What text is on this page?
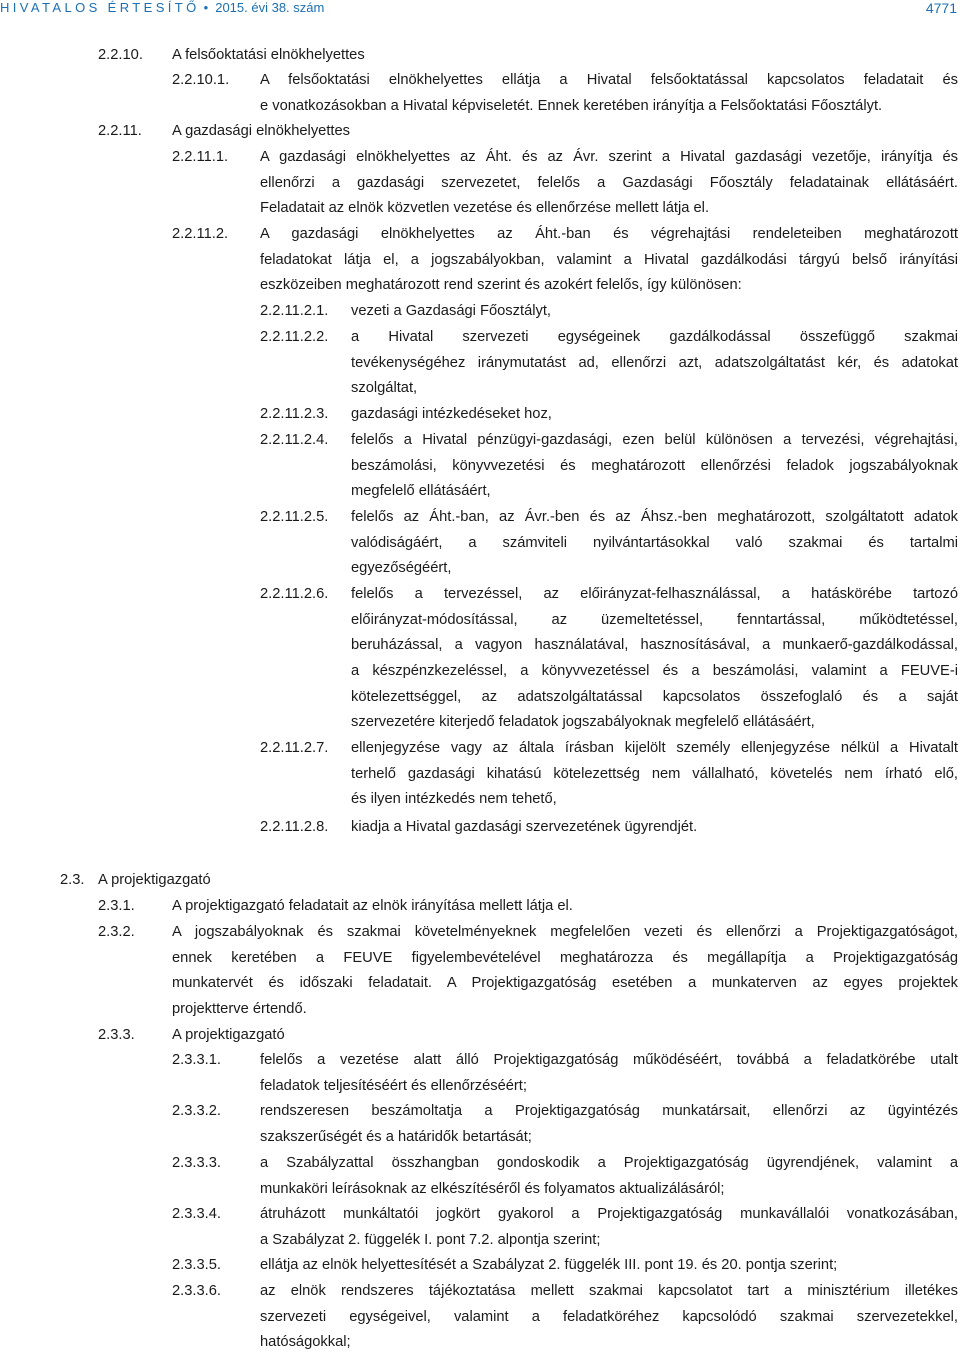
HIVATALOS ÉRTESÍTŐ • 2015. évi 38. szám	4771
2.2.10. A felsőoktatási elnökhelyettes
2.2.10.1. A felsőoktatási elnökhelyettes ellátja a Hivatal felsőoktatással kapcsolatos feladatait és
e vonatkozásokban a Hivatal képviseletét. Ennek keretében irányítja a Felsőoktatási Főosztályt.
2.2.11. A gazdasági elnökhelyettes
2.2.11.1. A gazdasági elnökhelyettes az Áht. és az Ávr. szerint a Hivatal gazdasági vezetője, irányítja és
ellenőrzi a gazdasági szervezetet, felelős a Gazdasági Főosztály feladatainak ellátásáért.
Feladatait az elnök közvetlen vezetése és ellenőrzése mellett látja el.
2.2.11.2. A gazdasági elnökhelyettes az Áht.-ban és végrehajtási rendeleteiben meghatározott
feladatokat látja el, a jogszabályokban, valamint a Hivatal gazdálkodási tárgyú belső irányítási
eszközeiben meghatározott rend szerint és azokért felelős, így különösen:
2.2.11.2.1. vezeti a Gazdasági Főosztályt,
2.2.11.2.2. a Hivatal szervezeti egységeinek gazdálkodással összefüggő szakmai
tevékenységéhez iránymutatást ad, ellenőrzi azt, adatszolgáltatást kér, és adatokat
szolgáltat,
2.2.11.2.3. gazdasági intézkedéseket hoz,
2.2.11.2.4. felelős a Hivatal pénzügyi-gazdasági, ezen belül különösen a tervezési, végrehajtási,
beszámolási, könyvvezetési és meghatározott ellenőrzési feladok jogszabályoknak
megfelelő ellátásáért,
2.2.11.2.5. felelős az Áht.-ban, az Ávr.-ben és az Áhsz.-ben meghatározott, szolgáltatott adatok
valódiságáért, a számviteli nyilvántartásokkal való szakmai és tartalmi
egyezőségéért,
2.2.11.2.6. felelős a tervezéssel, az előirányzat-felhasználással, a hatáskörébe tartozó
előirányzat-módosítással, az üzemeltetéssel, fenntartással, működtetéssel,
beruházással, a vagyon használatával, hasznosításával, a munkaerő-gazdálkodással,
a készpénzkezeléssel, a könyvvezetéssel és a beszámolási, valamint a FEUVE-i
kötelezettséggel, az adatszolgáltatással kapcsolatos összefoglaló és a saját
szervezetére kiterjedő feladatok jogszabályoknak megfelelő ellátásáért,
2.2.11.2.7. ellenjegyzése vagy az általa írásban kijelölt személy ellenjegyzése nélkül a Hivatalt
terhelő gazdasági kihatású kötelezettség nem vállalható, követelés nem írható elő,
és ilyen intézkedés nem tehető,
2.2.11.2.8. kiadja a Hivatal gazdasági szervezetének ügyrendjét.
2.3. A projektigazgató
2.3.1.	A projektigazgató feladatait az elnök irányítása mellett látja el.
2.3.2.	A jogszabályoknak és szakmai követelményeknek megfelelően vezeti és ellenőrzi a Projektigazgatóságot,
ennek keretében a FEUVE figyelembevételével meghatározza és megállapítja a Projektigazgatóság
munkatervét és időszaki feladatait. A Projektigazgatóság esetében a munkaterven az egyes projektek
projektterve értendő.
2.3.3.	A projektigazgató
2.3.3.1.	felelős a vezetése alatt álló Projektigazgatóság működéséért, továbbá a feladatkörébe utalt
feladatok teljesítéséért és ellenőrzéséért;
2.3.3.2.	rendszeresen beszámoltatja a Projektigazgatóság munkatársait, ellenőrzi az ügyintézés
szakszerűségét és a határidők betartását;
2.3.3.3.	a Szabályzattal összhangban gondoskodik a Projektigazgatóság ügyrendjének, valamint a
munkaköri leírásoknak az elkészítéséről és folyamatos aktualizálásáról;
2.3.3.4.	átruházott munkáltatói jogkört gyakorol a Projektigazgatóság munkavállalói vonatkozásában,
a Szabályzat 2. függelék I. pont 7.2. alpontja szerint;
2.3.3.5.	ellátja az elnök helyettesítését a Szabályzat 2. függelék III. pont 19. és 20. pontja szerint;
2.3.3.6.	az elnök rendszeres tájékoztatása mellett szakmai kapcsolatot tart a minisztérium illetékes
szervezeti egységeivel, valamint a feladatköréhez kapcsolódó szakmai szervezetekkel,
hatóságokkal;
